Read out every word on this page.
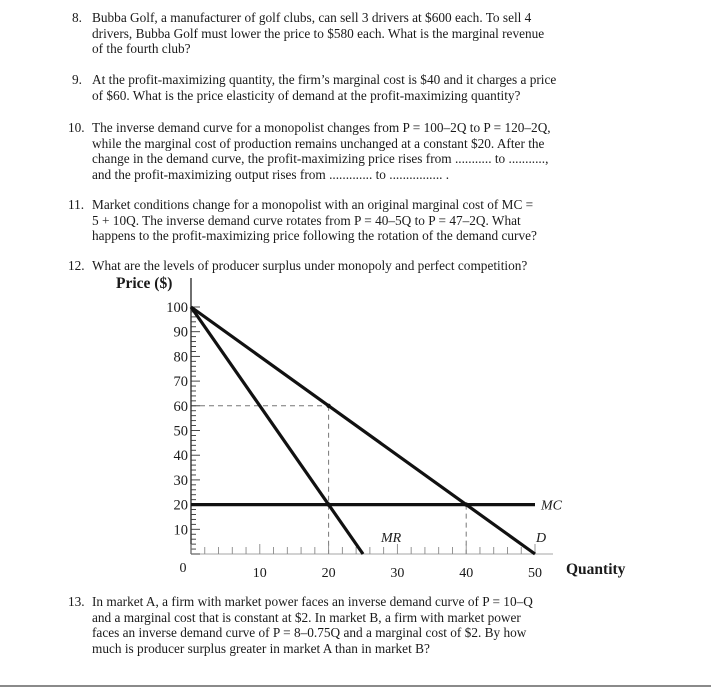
8. Bubba Golf, a manufacturer of golf clubs, can sell 3 drivers at $600 each. To sell 4

drivers, Bubba Golf must lower the price to $580 each. What is the marginal revenue

of the fourth club?

9. At the profit-maximizing quantity, the firm’s marginal cost is $40 and it charges a price

of $60. What is the price elasticity of demand at the profit-maximizing quantity?

10. The inverse demand curve for a monopolist changes from P = 100–2Q to P = 120–2Q,

while the marginal cost of production remains unchanged at a constant $20. After the

change in the demand curve, the profit-maximizing price rises from ........... to ...........,

and the profit-maximizing output rises from ............. to ................ .

11. Market conditions change for a monopolist with an original marginal cost of MC =

5 + 10Q. The inverse demand curve rotates from P = 40–5Q to P = 47–2Q. What

happens to the profit-maximizing price following the rotation of the demand curve?

12. What are the levels of producer surplus under monopoly and perfect competition?

13. In market A, a firm with market power faces an inverse demand curve of P = 10–Q

and a marginal cost that is constant at $2. In market B, a firm with market power

faces an inverse demand curve of P = 8–0.75Q and a marginal cost of $2. By how

much is producer surplus greater in market A than in market B?

100
90
80
70
60
50
40
30
20
10
0	10	20	30	40	50
Price ($)
Quantity
D
MR
MC
